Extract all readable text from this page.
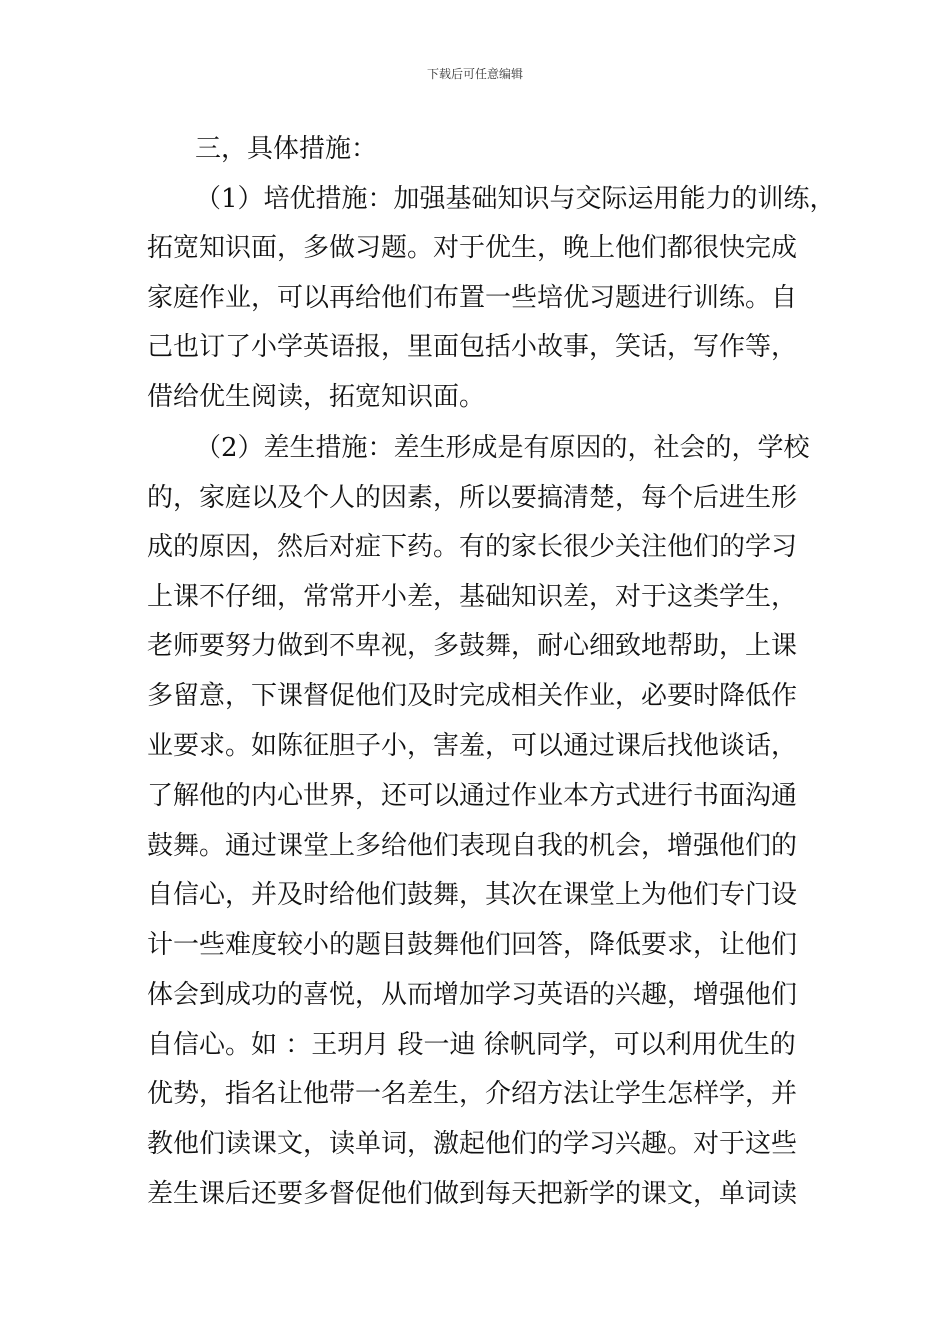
下载后可任意编辑
三，具体措施：
（1）培优措施：加强基础知识与交际运用能力的训练，
拓宽知识面，多做习题。对于优生，晚上他们都很快完成
家庭作业，可以再给他们布置一些培优习题进行训练。自
己也订了小学英语报，里面包括小故事，笑话，写作等，
借给优生阅读，拓宽知识面。
（2）差生措施：差生形成是有原因的，社会的，学校
的，家庭以及个人的因素，所以要搞清楚，每个后进生形
成的原因，然后对症下药。有的家长很少关注他们的学习
上课不仔细，常常开小差，基础知识差，对于这类学生，
老师要努力做到不卑视，多鼓舞，耐心细致地帮助，上课
多留意，下课督促他们及时完成相关作业，必要时降低作
业要求。如陈征胆子小，害羞，可以通过课后找他谈话，
了解他的内心世界，还可以通过作业本方式进行书面沟通
鼓舞。通过课堂上多给他们表现自我的机会，增强他们的
自信心，并及时给他们鼓舞，其次在课堂上为他们专门设
计一些难度较小的题目鼓舞他们回答，降低要求，让他们
体会到成功的喜悦，从而增加学习英语的兴趣，增强他们
自信心。如 ：王玥月 段一迪 徐帆同学，可以利用优生的
优势，指名让他带一名差生，介绍方法让学生怎样学，并
教他们读课文，读单词，激起他们的学习兴趣。对于这些
差生课后还要多督促他们做到每天把新学的课文，单词读
